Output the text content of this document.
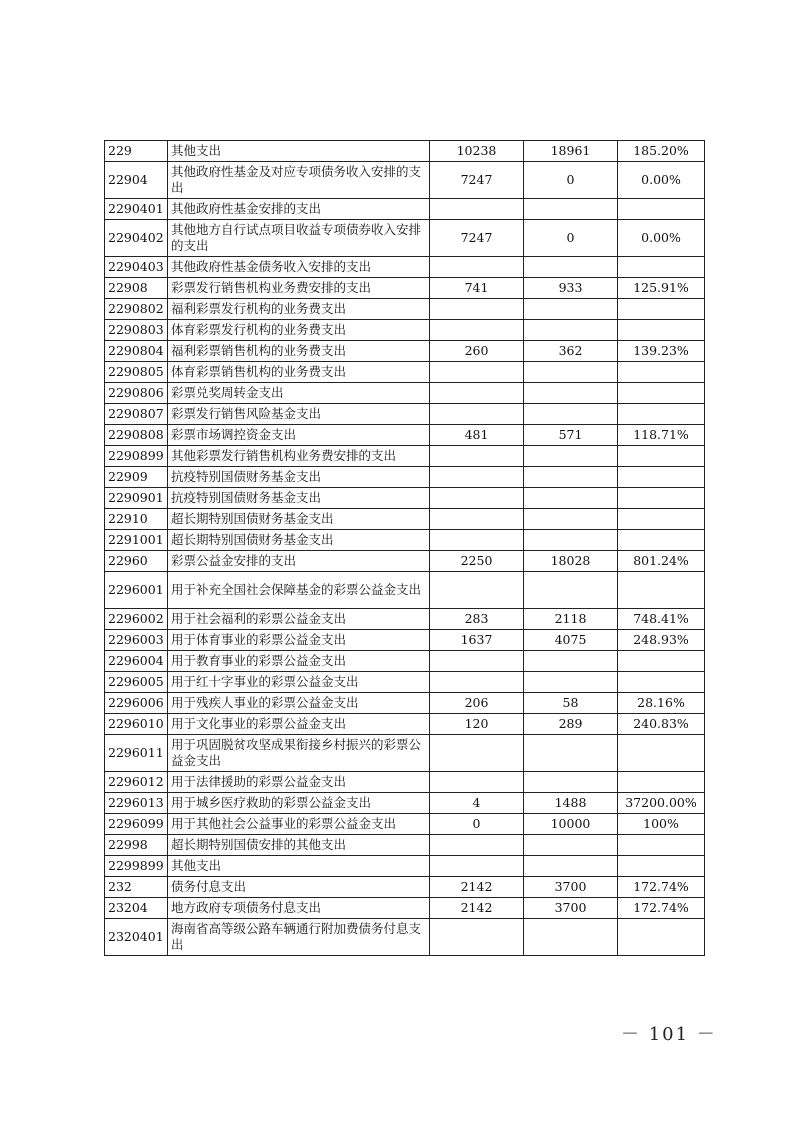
229	其他支出	10238	18961	185.20%
22904	其他政府性基金及对应专项债务收入安排的支出	7247	0	0.00%
2290401	其他政府性基金安排的支出			
2290402	其他地方自行试点项目收益专项债券收入安排的支出	7247	0	0.00%
2290403	其他政府性基金债务收入安排的支出			
22908	彩票发行销售机构业务费安排的支出	741	933	125.91%
2290802	福利彩票发行机构的业务费支出			
2290803	体育彩票发行机构的业务费支出			
2290804	福利彩票销售机构的业务费支出	260	362	139.23%
2290805	体育彩票销售机构的业务费支出			
2290806	彩票兑奖周转金支出			
2290807	彩票发行销售风险基金支出			
2290808	彩票市场调控资金支出	481	571	118.71%
2290899	其他彩票发行销售机构业务费安排的支出			
22909	抗疫特别国债财务基金支出			
2290901	抗疫特别国债财务基金支出			
22910	超长期特别国债财务基金支出			
2291001	超长期特别国债财务基金支出			
22960	彩票公益金安排的支出	2250	18028	801.24%
2296001	用于补充全国社会保障基金的彩票公益金支出			
2296002	用于社会福利的彩票公益金支出	283	2118	748.41%
2296003	用于体育事业的彩票公益金支出	1637	4075	248.93%
2296004	用于教育事业的彩票公益金支出			
2296005	用于红十字事业的彩票公益金支出			
2296006	用于残疾人事业的彩票公益金支出	206	58	28.16%
2296010	用于文化事业的彩票公益金支出	120	289	240.83%
2296011	用于巩固脱贫攻坚成果衔接乡村振兴的彩票公益金支出			
2296012	用于法律援助的彩票公益金支出			
2296013	用于城乡医疗救助的彩票公益金支出	4	1488	37200.00%
2296099	用于其他社会公益事业的彩票公益金支出	0	10000	100%
22998	超长期特别国债安排的其他支出			
2299899	其他支出			
232	债务付息支出	2142	3700	172.74%
23204	地方政府专项债务付息支出	2142	3700	172.74%
2320401	海南省高等级公路车辆通行附加费债务付息支出			
－ 101 －
